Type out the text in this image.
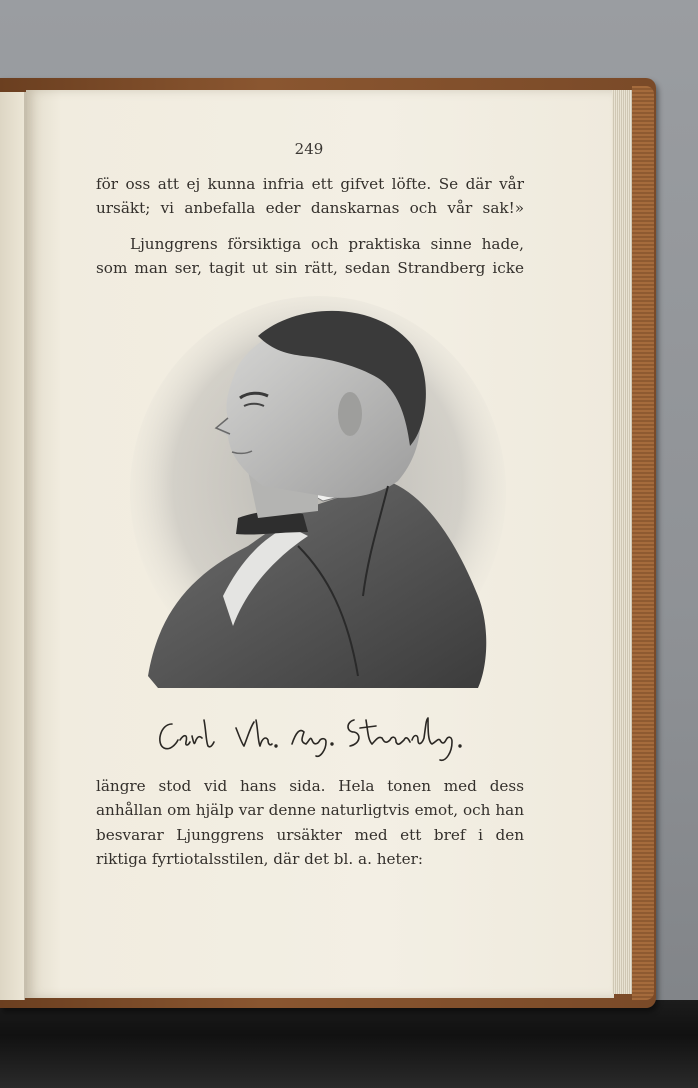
249
för oss att ej kunna infria ett gifvet löfte. Se där vår ursäkt; vi anbefalla eder danskarnas och vår sak!»
Ljunggrens försiktiga och praktiska sinne hade, som man ser, tagit ut sin rätt, sedan Strandberg icke
längre stod vid hans sida. Hela tonen med dess anhållan om hjälp var denne naturligtvis emot, och han besvarar Ljunggrens ursäkter med ett bref i den riktiga fyrtiotalsstilen, där det bl. a. heter:
